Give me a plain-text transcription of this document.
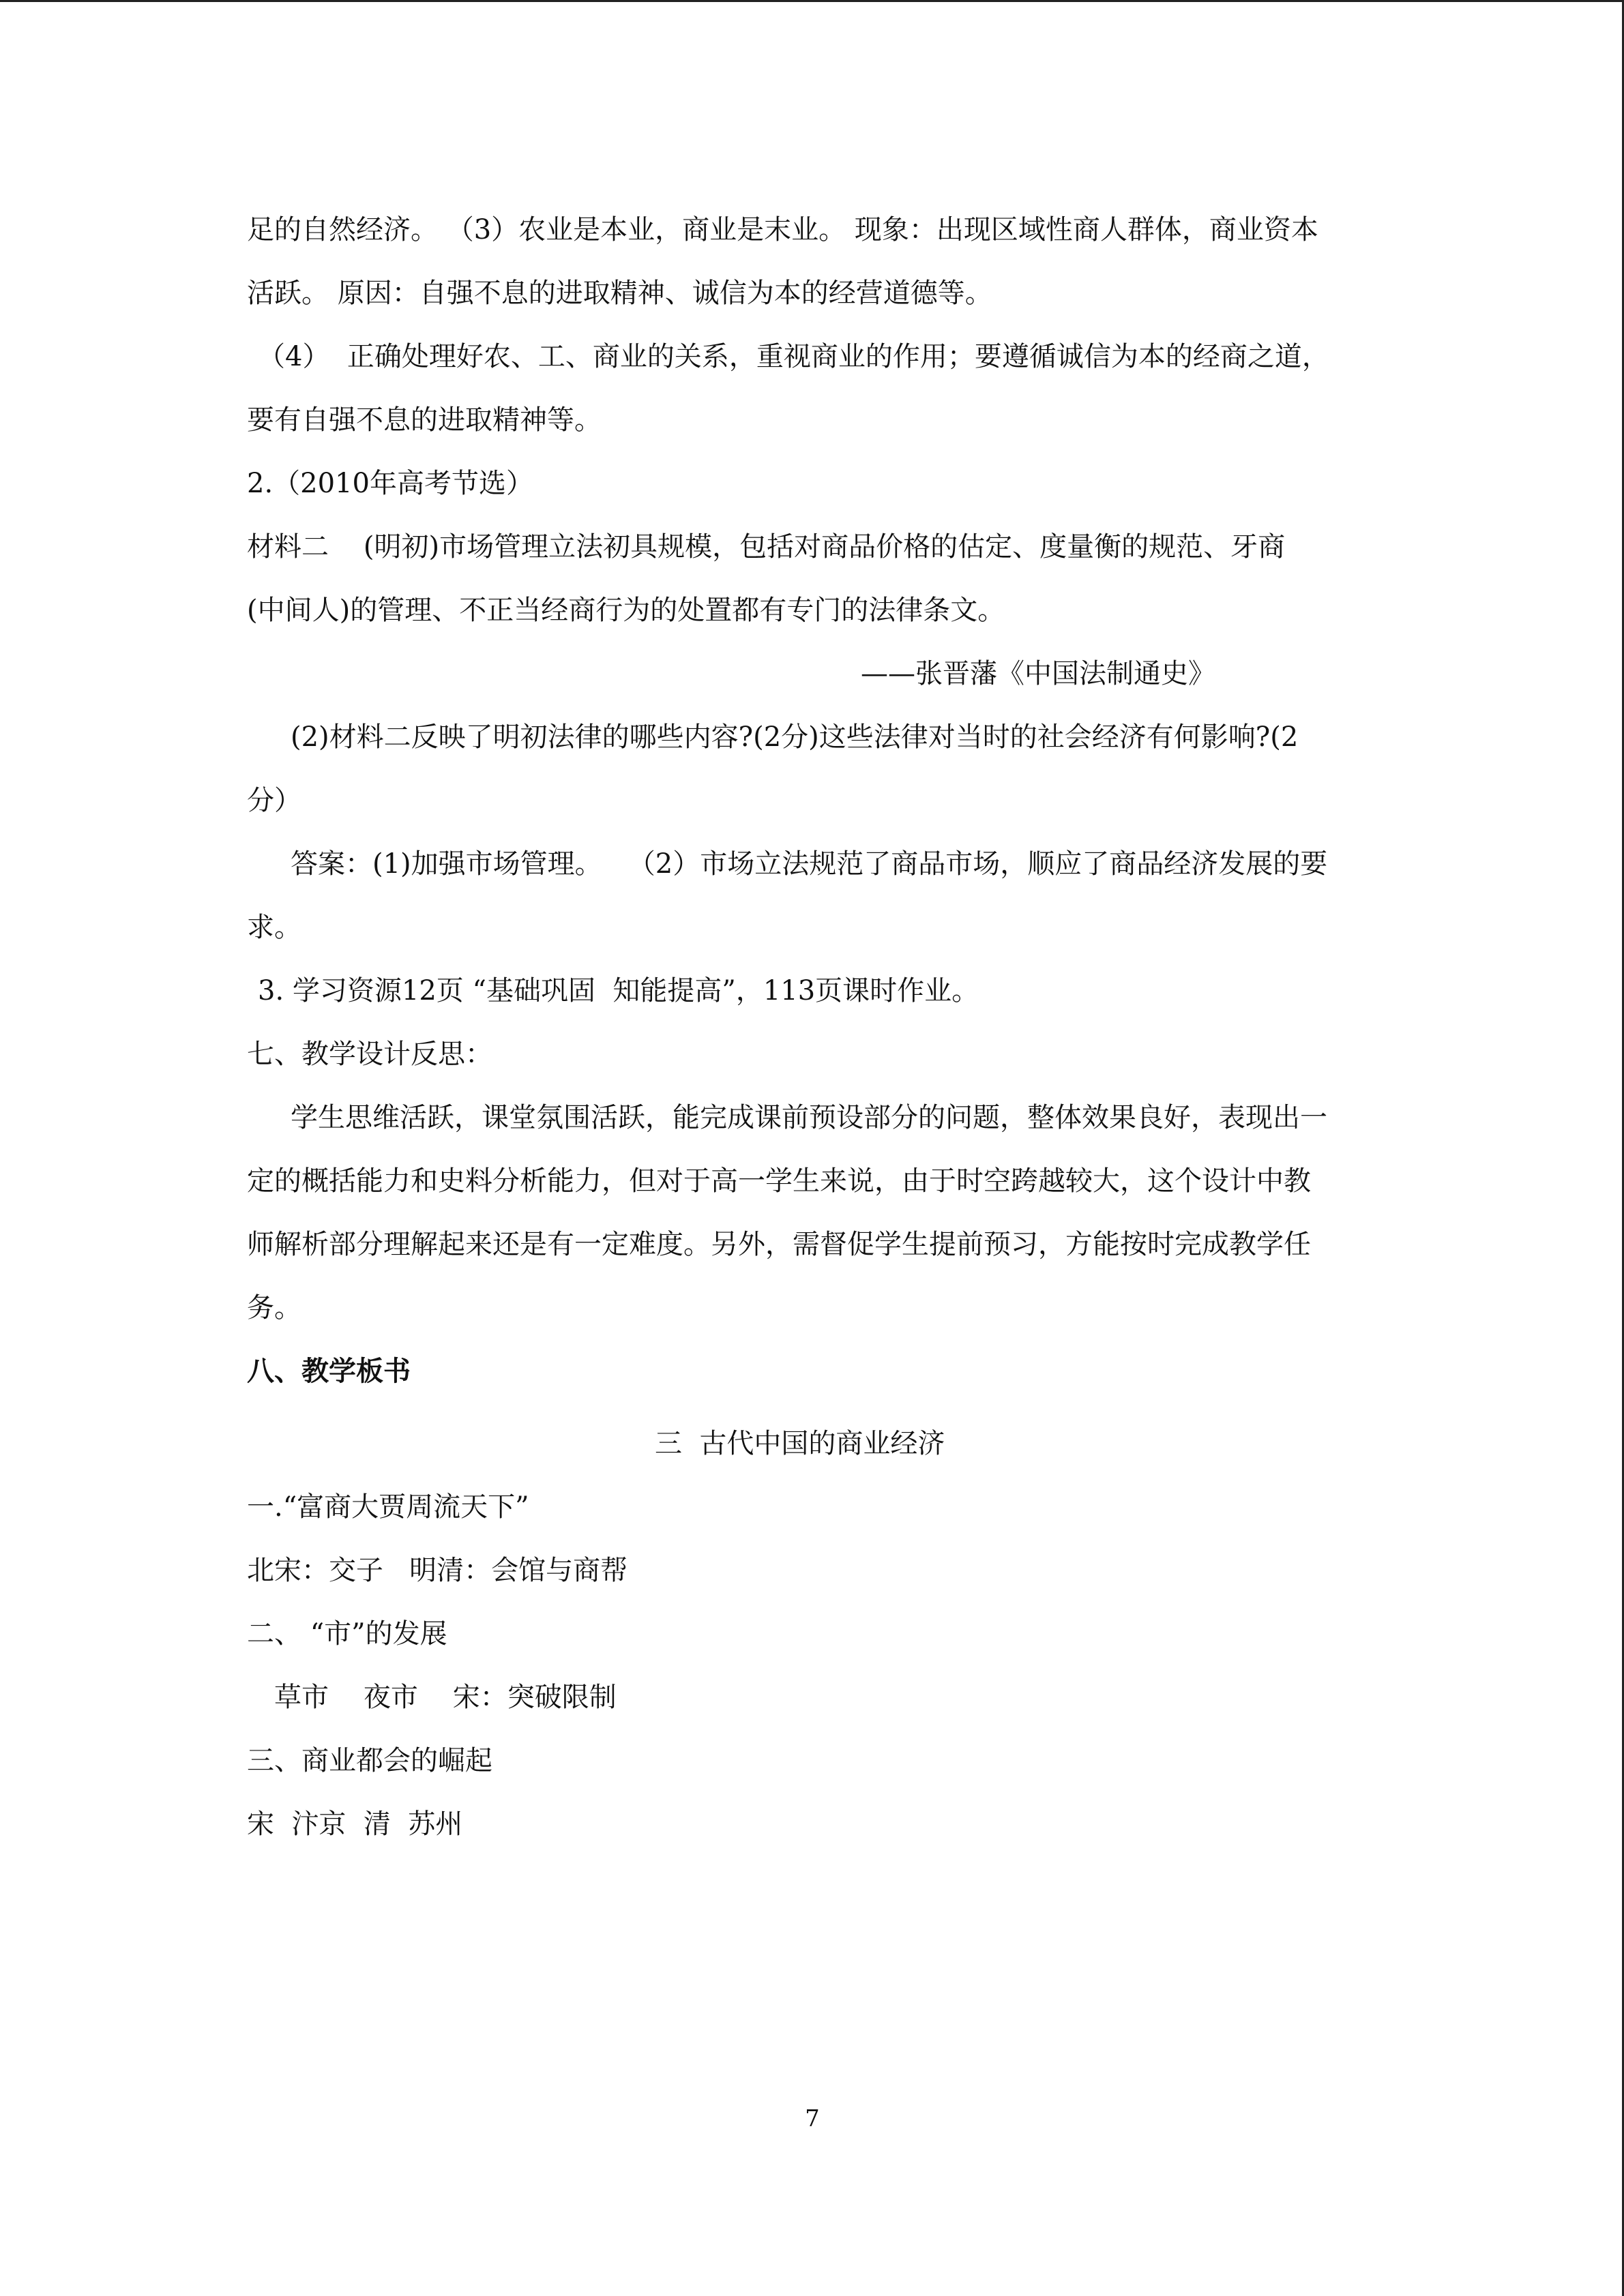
足的自然经济。 （3）农业是本业，商业是末业。 现象：出现区域性商人群体，商业资本
活跃。 原因：自强不息的进取精神、诚信为本的经营道德等。
（4）  正确处理好农、工、商业的关系，重视商业的作用；要遵循诚信为本的经商之道，
要有自强不息的进取精神等。
2.（2010年高考节选）
材料二    (明初)市场管理立法初具规模，包括对商品价格的估定、度量衡的规范、牙商
(中间人)的管理、不正当经商行为的处置都有专门的法律条文。
——张晋藩《中国法制通史》
(2)材料二反映了明初法律的哪些内容?(2分)这些法律对当时的社会经济有何影响?(2
分）
答案：(1)加强市场管理。   （2）市场立法规范了商品市场，顺应了商品经济发展的要
求。
3. 学习资源12页 “基础巩固  知能提高”，113页课时作业。
七、教学设计反思：
学生思维活跃，课堂氛围活跃，能完成课前预设部分的问题，整体效果良好，表现出一
定的概括能力和史料分析能力，但对于高一学生来说，由于时空跨越较大，这个设计中教
师解析部分理解起来还是有一定难度。另外，需督促学生提前预习，方能按时完成教学任
务。
八、教学板书
三  古代中国的商业经济
一.“富商大贾周流天下”
北宋：交子   明清：会馆与商帮
二、 “市”的发展
草市    夜市    宋：突破限制
三、商业都会的崛起
宋  汴京  清  苏州
7
